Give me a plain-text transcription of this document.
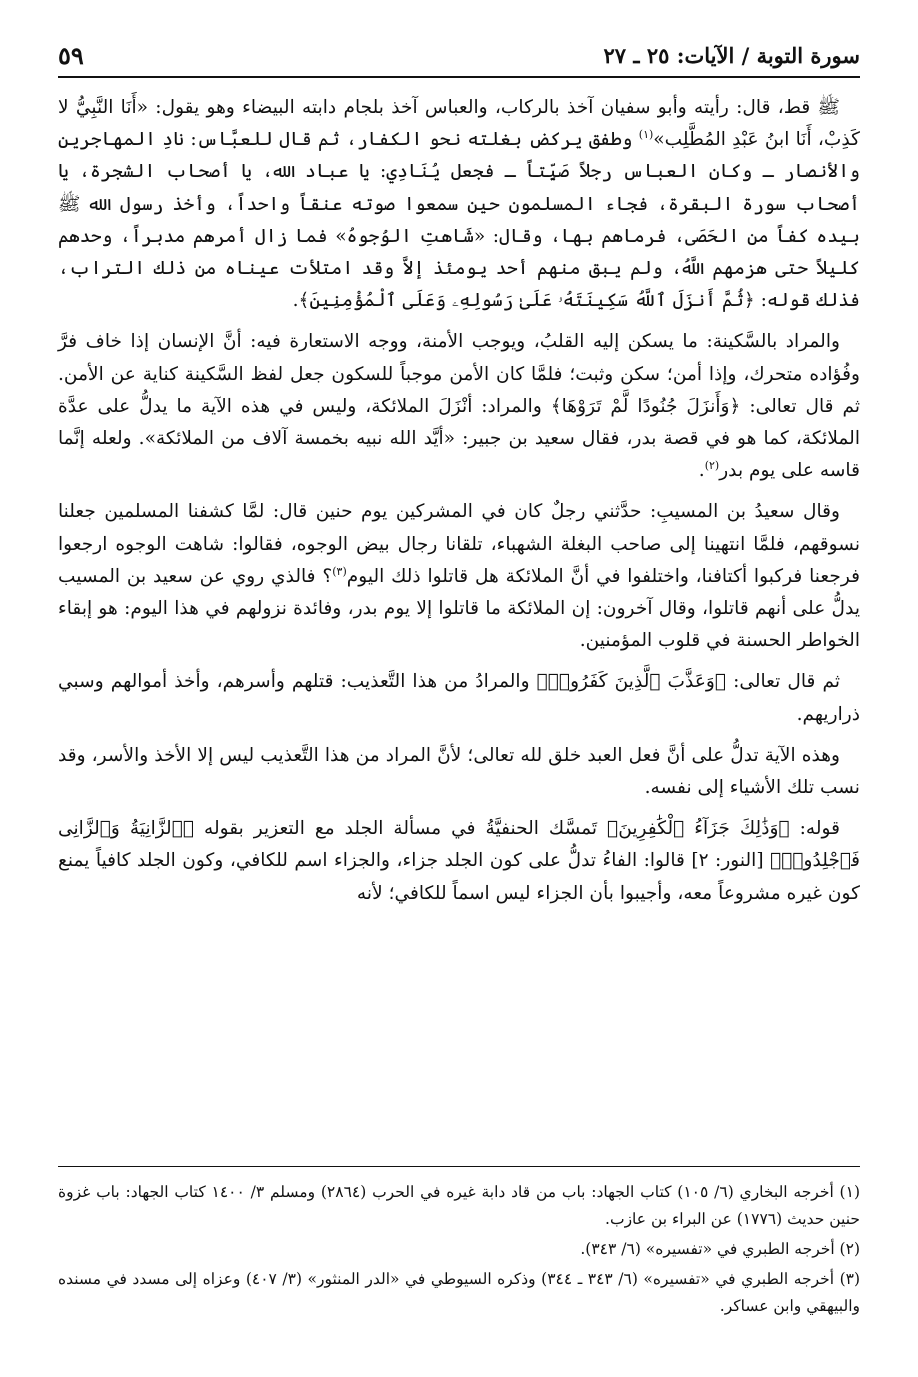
سورة التوبة / الآيات: ٢٥ ـ ٢٧
٥٩

ﷺ قط، قال: رأيته وأبو سفيان آخذ بالركاب، والعباس آخذ بلجام دابته البيضاء وهو يقول: «أَنَا النَّبِيُّ لا كَذِبْ، أَنَا ابنُ عَبْدِ المُطَّلِب»$^{(١)}$ وطفق يركض بغلته نحو الكفار، ثم قال للعبَّاس: نادِ المهاجرين والأنصار ـ وكان العباس رجلاً صَيِّتاً ـ فجعل يُنَادِي: يا عباد الله، يا أصحاب الشجرة، يا أصحاب سورة البقرة، فجاء المسلمون حين سمعوا صوته عنقاً واحداً، وأخذ رسول الله ﷺ بيده كفاً من الحَصَى، فرماهم بها، وقال: «شَاهتِ الوُجوهُ» فما زال أمرهم مدبراً، وحدهم كليلاً حتى هزمهم اللَّهُ، ولم يبق منهم أحد يومئذ إلاَّ وقد امتلأت عيناه من ذلك التراب، فذلك قوله: ﴿ثُمَّ أَنزَلَ ٱللَّهُ سَكِينَتَهُۥ عَلَىٰ رَسُولِهِۦ وَعَلَى ٱلْمُؤْمِنِينَ﴾.

والمراد بالسَّكينة: ما يسكن إليه القلبُ، ويوجب الأمنة، ووجه الاستعارة فيه: أنَّ الإنسان إذا خاف فرَّ وفُؤاده متحرك، وإذا أمن؛ سكن وثبت؛ فلمَّا كان الأمن موجباً للسكون جعل لفظ السَّكينة كناية عن الأمن. ثم قال تعالى: ﴿وَأَنزَلَ جُنُودًا لَّمْ تَرَوْهَا﴾ والمراد: أنْزَلَ الملائكة، وليس في هذه الآية ما يدلُّ على عدَّة الملائكة، كما هو في قصة بدر، فقال سعيد بن جبير: «أيَّد الله نبيه بخمسة آلاف من الملائكة». ولعله إنَّما قاسه على يوم بدر$^{(٢)}$.

وقال سعيدُ بن المسيبِ: حدَّثني رجلٌ كان في المشركين يوم حنين قال: لمَّا كشفنا المسلمين جعلنا نسوقهم، فلمَّا انتهينا إلى صاحب البغلة الشهباء، تلقانا رجال بيض الوجوه، فقالوا: شاهت الوجوه ارجعوا فرجعنا فركبوا أكتافنا، واختلفوا في أنَّ الملائكة هل قاتلوا ذلك اليوم$^{(٣)}$؟ فالذي روي عن سعيد بن المسيب يدلُّ على أنهم قاتلوا، وقال آخرون: إن الملائكة ما قاتلوا إلا يوم بدر، وفائدة نزولهم في هذا اليوم: هو إبقاء الخواطر الحسنة في قلوب المؤمنين.

ثم قال تعالى: ﴿وَعَذَّبَ ٱلَّذِينَ كَفَرُوا۟﴾ والمرادُ من هذا التَّعذيب: قتلهم وأسرهم، وأخذ أموالهم وسبي ذراريهم.

وهذه الآية تدلُّ على أنَّ فعل العبد خلق لله تعالى؛ لأنَّ المراد من هذا التَّعذيب ليس إلا الأخذ والأسر، وقد نسب تلك الأشياء إلى نفسه.

قوله: ﴿وَذَٰلِكَ جَزَآءُ ٱلْكَٰفِرِينَ﴾ تَمسَّك الحنفيَّةُ في مسألة الجلد مع التعزير بقوله ﴿ٱلزَّانِيَةُ وَٱلزَّانِى فَٱجْلِدُوا۟﴾ [النور: ٢] قالوا: الفاءُ تدلُّ على كون الجلد جزاء، والجزاء اسم للكافي، وكون الجلد كافياً يمنع كون غيره مشروعاً معه، وأجيبوا بأن الجزاء ليس اسماً للكافي؛ لأنه

(١) أخرجه البخاري (٦/ ١٠٥) كتاب الجهاد: باب من قاد دابة غيره في الحرب (٢٨٦٤) ومسلم ٣/ ١٤٠٠ كتاب الجهاد: باب غزوة حنين حديث (١٧٧٦) عن البراء بن عازب.

(٢) أخرجه الطبري في «تفسيره» (٦/ ٣٤٣).

(٣) أخرجه الطبري في «تفسيره» (٦/ ٣٤٣ ـ ٣٤٤) وذكره السيوطي في «الدر المنثور» (٣/ ٤٠٧) وعزاه إلى مسدد في مسنده والبيهقي وابن عساكر.
